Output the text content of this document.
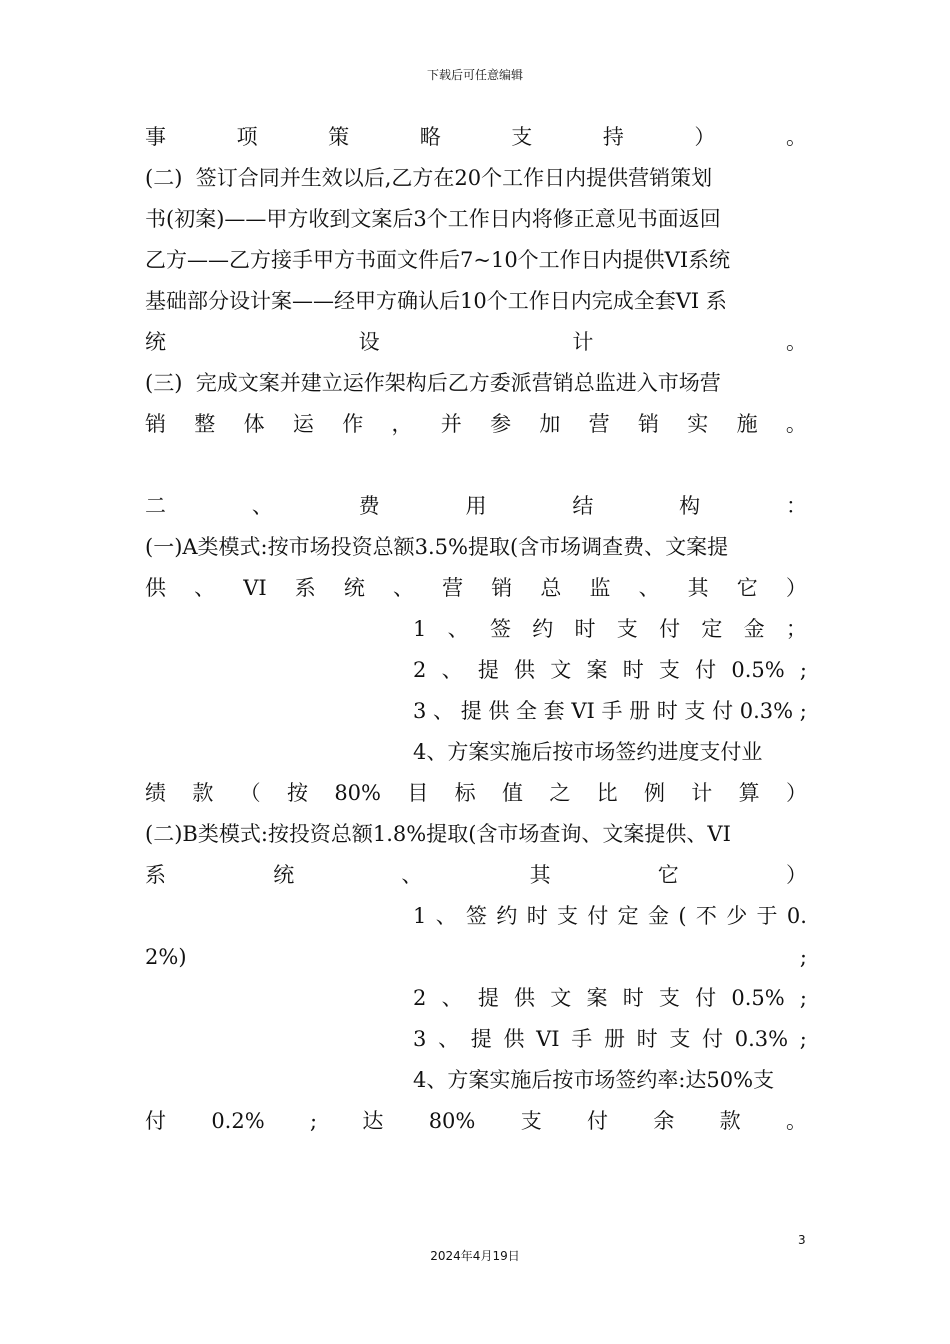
下载后可任意编辑
事	项	策	略	支	持	）	。
(二)  签订合同并生效以后,乙方在20个工作日内提供营销策划
书(初案)——甲方收到文案后3个工作日内将修正意见书面返回
乙方——乙方接手甲方书面文件后7~10个工作日内提供VI系统
基础部分设计案——经甲方确认后10个工作日内完成全套VI 系
统	设	计	。
(三)  完成文案并建立运作架构后乙方委派营销总监进入市场营
销 整 体 运 作 ， 并 参 加 营 销 实 施 。
二	、	费	用	结	构	：
(一)A类模式:按市场投资总额3.5%提取(含市场调查费、文案提
供 、 VI 系 统 、 营 销 总 监 、 其 它 ）
1 、 签 约 时 支 付 定 金 ；
2 、 提 供 文 案 时 支 付 0.5% ;
3 、 提 供 全 套 VI 手 册 时 支 付 0.3% ;
4、方案实施后按市场签约进度支付业
绩 款 （ 按 80% 目 标 值 之 比 例 计 算 ）
(二)B类模式:按投资总额1.8%提取(含市场查询、文案提供、VI
系	统	、	其	它	）
1 、 签 约 时 支 付 定 金 ( 不 少 于 0.
2%)	;
2 、 提 供 文 案 时 支 付 0.5% ;
3 、 提 供 VI 手 册 时 支 付 0.3% ;
4、方案实施后按市场签约率:达50%支
付 0.2% ; 达 80% 支 付 余 款 。
3
2024年4月19日
